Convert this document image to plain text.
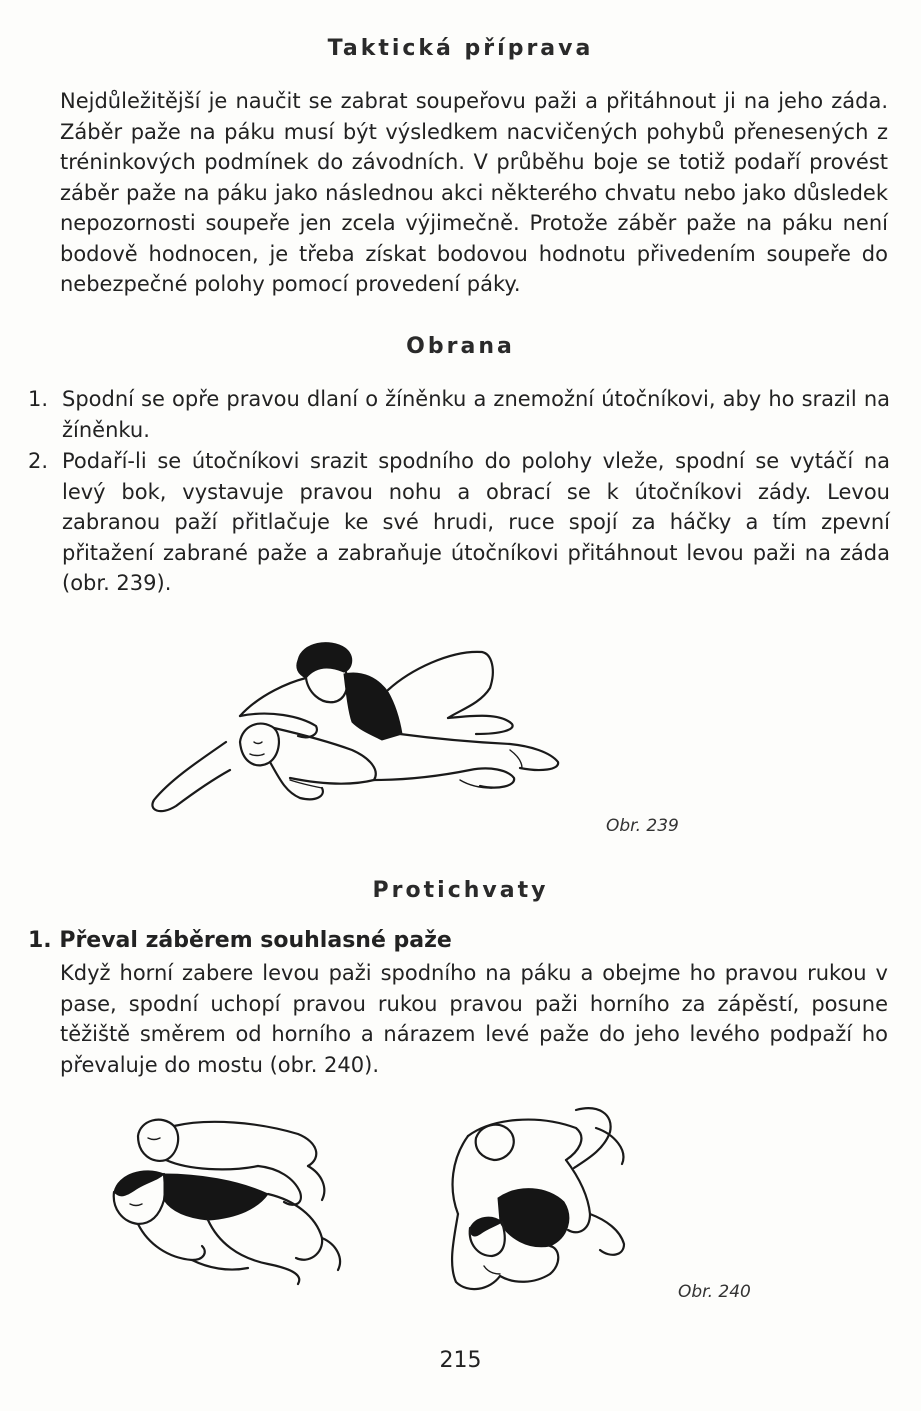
Taktická příprava
Nejdůležitější je naučit se zabrat soupeřovu paži a přitáhnout ji na jeho záda. Záběr paže na páku musí být výsledkem nacvičených pohybů přenesených z tréninkových podmínek do závodních. V průběhu boje se totiž podaří provést záběr paže na páku jako následnou akci některého chvatu nebo jako důsledek nepozornosti soupeře jen zcela výjimečně. Protože záběr paže na páku není bodově hodnocen, je třeba získat bodovou hodnotu přivedením soupeře do nebezpečné polohy pomocí provedení páky.
Obrana
1. Spodní se opře pravou dlaní o žíněnku a znemožní útočníkovi, aby ho srazil na žíněnku.
2. Podaří-li se útočníkovi srazit spodního do polohy vleže, spodní se vytáčí na levý bok, vystavuje pravou nohu a obrací se k útočníkovi zády. Levou zabranou paží přitlačuje ke své hrudi, ruce spojí za háčky a tím zpevní přitažení zabrané paže a zabraňuje útočníkovi přitáhnout levou paži na záda (obr. 239).
Obr. 239
Protichvaty
1. Převal záběrem souhlasné paže
Když horní zabere levou paži spodního na páku a obejme ho pravou rukou v pase, spodní uchopí pravou rukou pravou paži horního za zápěstí, posune těžiště směrem od horního a nárazem levé paže do jeho levého podpaží ho převaluje do mostu (obr. 240).
Obr. 240
215
